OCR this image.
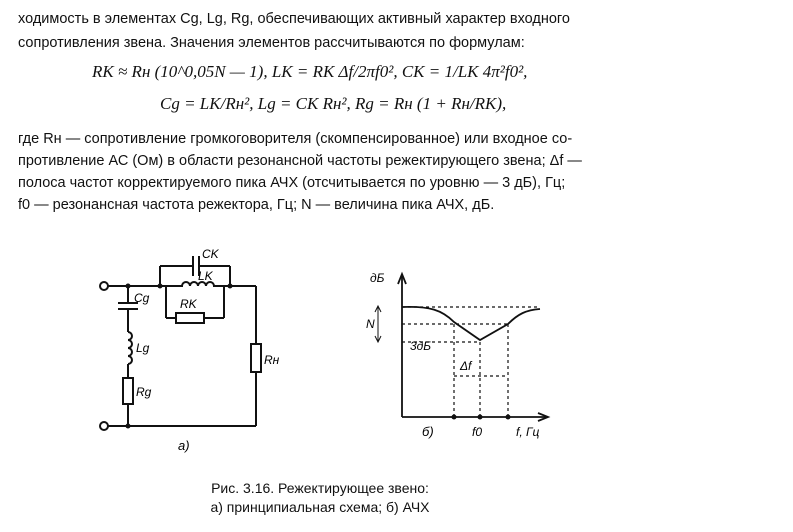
ходимость в элементах Cg, Lg, Rg, обеспечивающих активный характер входного

сопротивления звена. Значения элементов рассчитываются по формулам:

RK ≈ Rн (10^0,05N — 1), LK = RK Δf/2πf0², CK = 1/LK 4π²f0²,
Cg = LK/Rн², Lg = CK Rн², Rg = Rн (1 + Rн/RK),

где Rн — сопротивление громкоговорителя (скомпенсированное) или входное со-

противление АС (Ом) в области резонансной частоты режектирующего звена; Δf —

полоса частот корректируемого пика АЧХ (отсчитывается по уровню — 3 дБ), Гц;

f0 — резонансная частота режектора, Гц; N — величина пика АЧХ, дБ.

CK
LK
RK
Cg
Lg
Rg
Rн
a)
дБ
N
3дБ
Δf
f0	f, Гц
б)
Рис. 3.16. Режектирующее звено:
а) принципиальная схема; б) АЧХ
